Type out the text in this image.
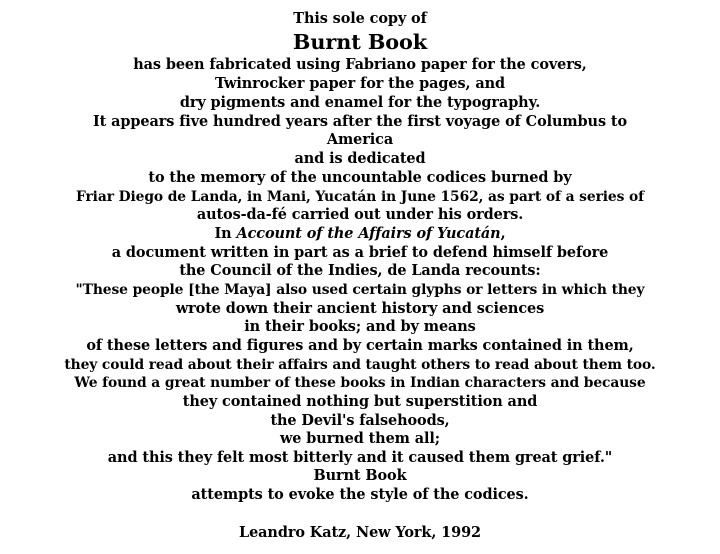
This sole copy of
Burnt Book
has been fabricated using Fabriano paper for the covers,
Twinrocker paper for the pages, and
dry pigments and enamel for the typography.
It appears five hundred years after the first voyage of Columbus to
America
and is dedicated
to the memory of the uncountable codices burned by
Friar Diego de Landa, in Mani, Yucatán in June 1562, as part of a series of
autos-da-fé carried out under his orders.
In Account of the Affairs of Yucatán,
a document written in part as a brief to defend himself before
the Council of the Indies, de Landa recounts:
"These people [the Maya] also used certain glyphs or letters in which they
wrote down their ancient history and sciences
in their books; and by means
of these letters and figures and by certain marks contained in them,
they could read about their affairs and taught others to read about them too.
We found a great number of these books in Indian characters and because
they contained nothing but superstition and
the Devil's falsehoods,
we burned them all;
and this they felt most bitterly and it caused them great grief."
Burnt Book
attempts to evoke the style of the codices.
Leandro Katz, New York, 1992
